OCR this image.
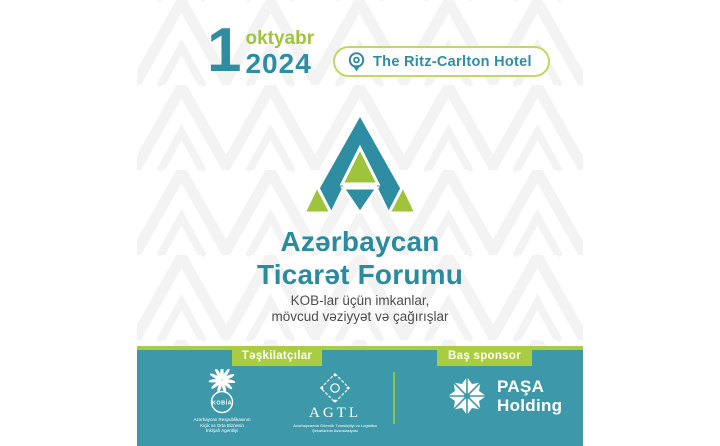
1 oktyabr
2024	The Ritz-Carlton Hotel
Azərbaycan
Ticarət Forumu
KOB-lar üçün imkanlar,
mövcud vəziyyət və çağırışlar
Təşkilatçılar	Baş sponsor
KOBİA
Azərbaycan Respublikasının
Kiçik və Orta Biznesin
İnkişafı Agentliyi
AGTL
Azərbaycanda Gömrük Təmsilçiliyi və Logistika
Şirkətlərinin Assosiasiyası
PAŞA
Holding
